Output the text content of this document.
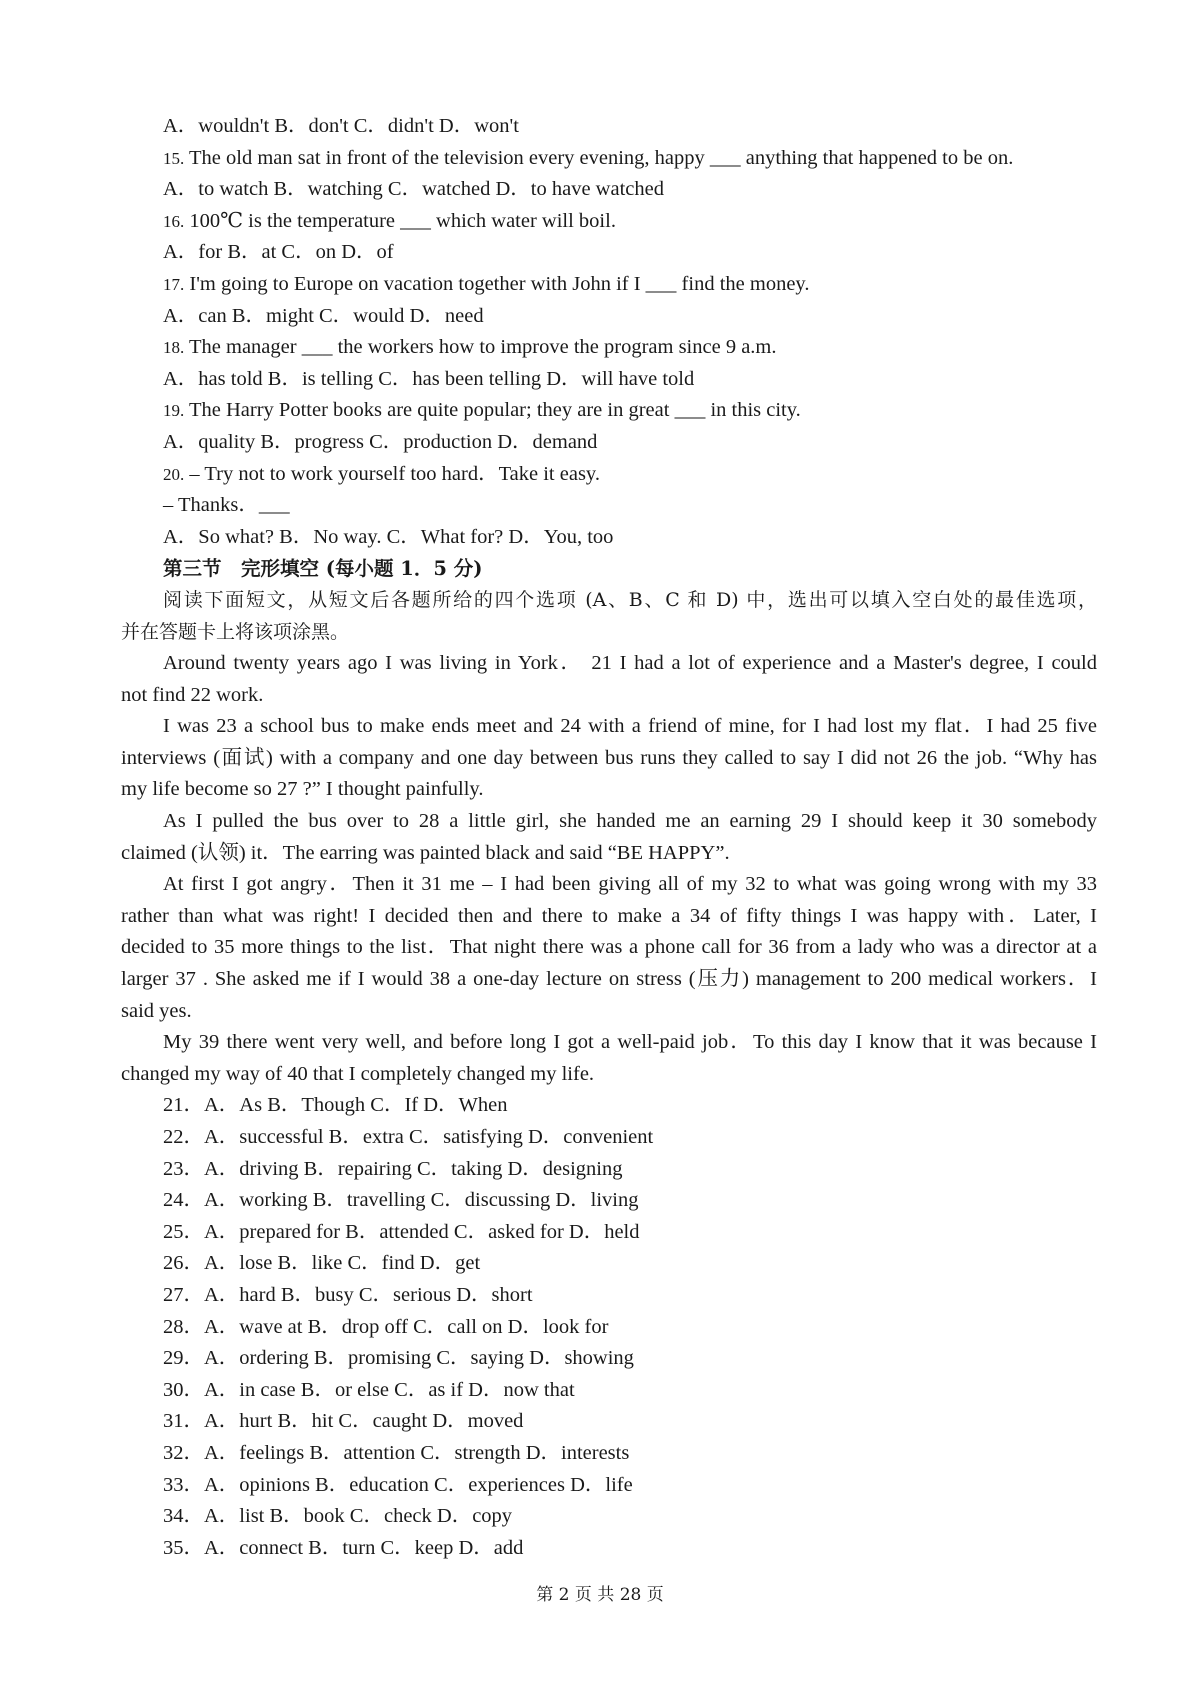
A．wouldn't B．don't C．didn't D．won't
15. The old man sat in front of the television every evening, happy ___ anything that happened to be on.
A．to watch B．watching C．watched D．to have watched
16. 100℃ is the temperature ___ which water will boil.
A．for B．at C．on D．of
17. I'm going to Europe on vacation together with John if I ___ find the money.
A．can B．might C．would D．need
18. The manager ___ the workers how to improve the program since 9 a.m.
A．has told B．is telling C．has been telling D．will have told
19. The Harry Potter books are quite popular; they are in great ___ in this city.
A．quality B．progress C．production D．demand
20. – Try not to work yourself too hard．Take it easy.
– Thanks．___
A．So what? B．No way. C．What for? D．You, too
第三节　完形填空 (每小题 1．5 分)
阅读下面短文，从短文后各题所给的四个选项 (A、B、C 和 D) 中，选出可以填入空白处的最佳选项，
并在答题卡上将该项涂黑。
Around twenty years ago I was living in York． 21 I had a lot of experience and a Master's degree, I could
not find 22 work.
I was 23 a school bus to make ends meet and 24 with a friend of mine, for I had lost my flat．I had 25 five
interviews (面试) with a company and one day between bus runs they called to say I did not 26 the job. “Why has
my life become so 27 ?” I thought painfully.
As I pulled the bus over to 28 a little girl, she handed me an earning 29 I should keep it 30 somebody
claimed (认领) it．The earring was painted black and said “BE HAPPY”.
At first I got angry．Then it 31 me – I had been giving all of my 32 to what was going wrong with my 33
rather than what was right! I decided then and there to make a 34 of fifty things I was happy with．Later, I
decided to 35 more things to the list．That night there was a phone call for 36 from a lady who was a director at a
larger 37 . She asked me if I would 38 a one-day lecture on stress (压力) management to 200 medical workers．I
said yes.
My 39 there went very well, and before long I got a well-paid job．To this day I know that it was because I
changed my way of 40 that I completely changed my life.
21．A．As B．Though C．If D．When
22．A．successful B．extra C．satisfying D．convenient
23．A．driving B．repairing C．taking D．designing
24．A．working B．travelling C．discussing D．living
25．A．prepared for B．attended C．asked for D．held
26．A．lose B．like C．find D．get
27．A．hard B．busy C．serious D．short
28．A．wave at B．drop off C．call on D．look for
29．A．ordering B．promising C．saying D．showing
30．A．in case B．or else C．as if D．now that
31．A．hurt B．hit C．caught D．moved
32．A．feelings B．attention C．strength D．interests
33．A．opinions B．education C．experiences D．life
34．A．list B．book C．check D．copy
35．A．connect B．turn C．keep D．add
第 2 页 共 28 页
